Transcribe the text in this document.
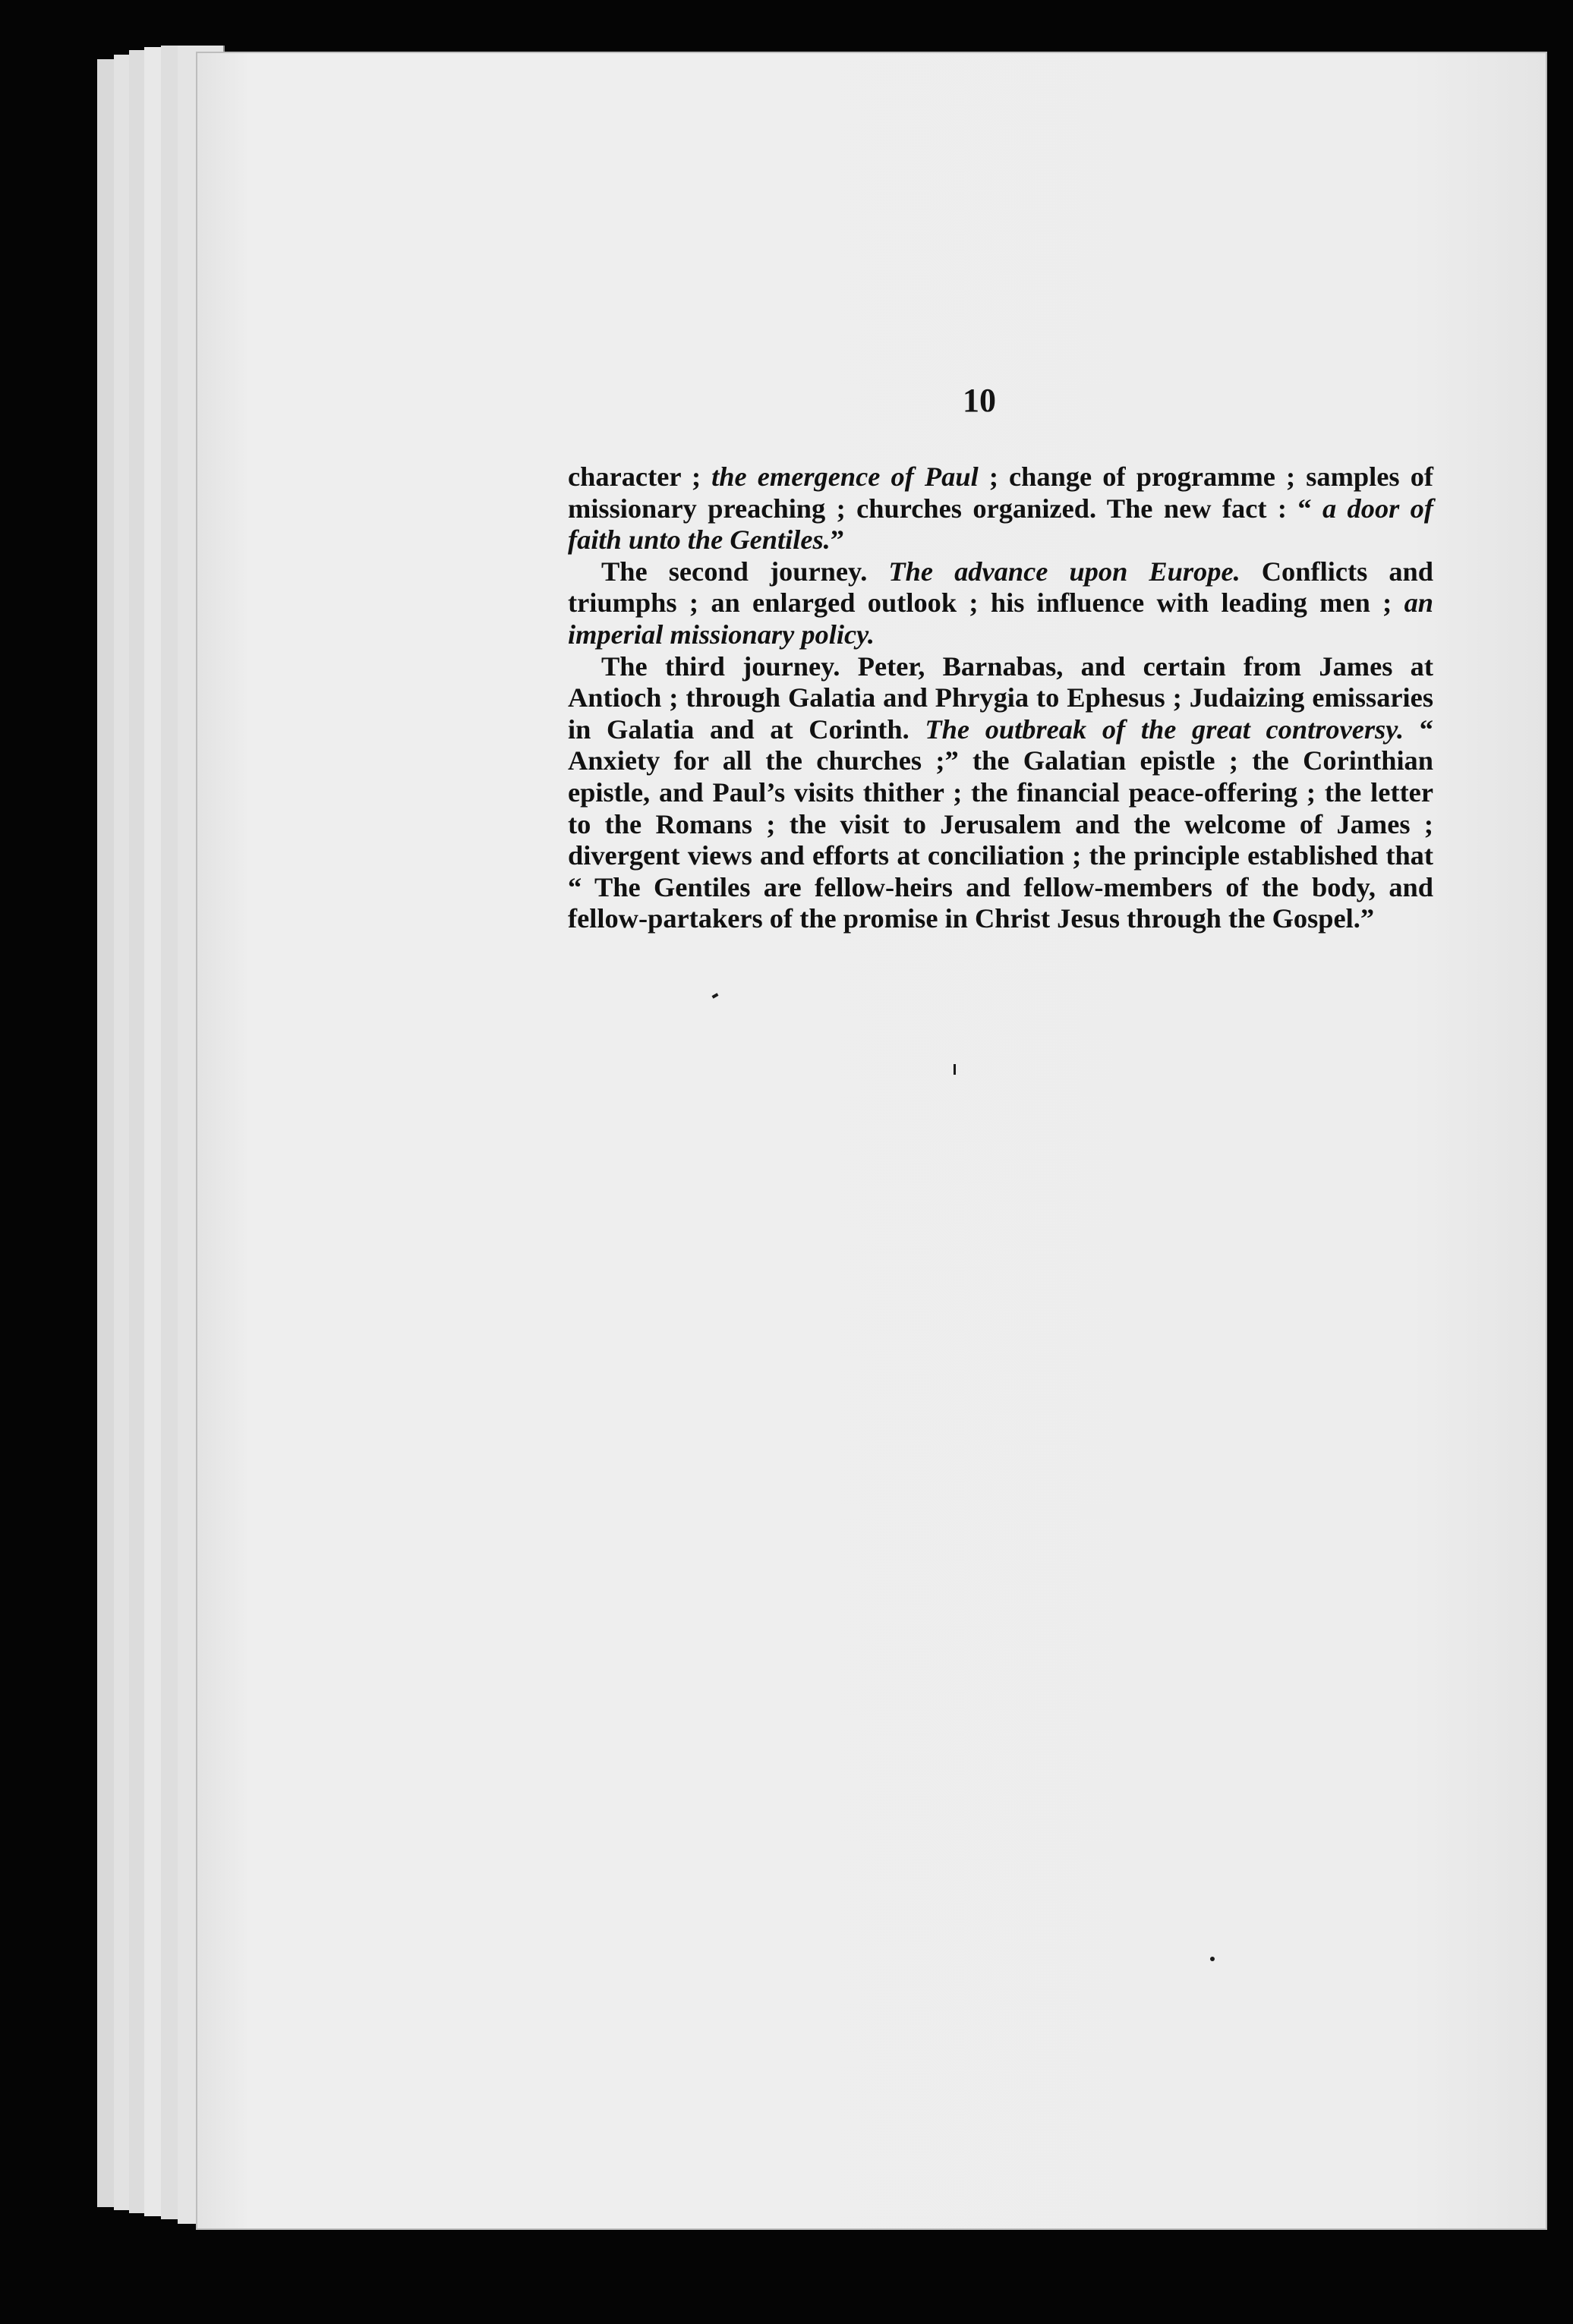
10

character ; the emergence of Paul ; change of programme ; samples of missionary preaching ; churches organized. The new fact : “ a door of faith unto the Gentiles.”

The second journey. The advance upon Europe. Conflicts and triumphs ; an enlarged outlook ; his influence with leading men ; an imperial missionary policy.

The third journey. Peter, Barnabas, and certain from James at Antioch ; through Galatia and Phrygia to Ephesus ; Judaizing emissaries in Galatia and at Corinth. The outbreak of the great controversy. “ Anxiety for all the churches ;” the Galatian epistle ; the Corinthian epistle, and Paul’s visits thither ; the financial peace-offering ; the letter to the Romans ; the visit to Jerusalem and the welcome of James ; divergent views and efforts at conciliation ; the principle established that “ The Gentiles are fellow-heirs and fellow-members of the body, and fellow-partakers of the promise in Christ Jesus through the Gospel.”
